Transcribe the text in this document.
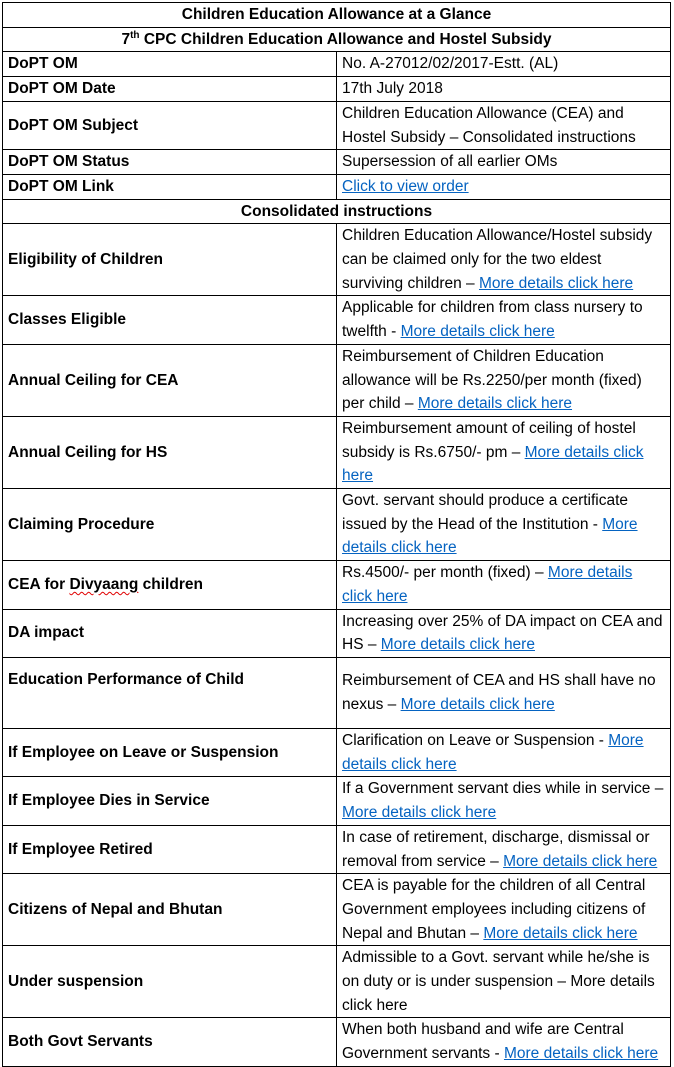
Children Education Allowance at a Glance	
7th CPC Children Education Allowance and Hostel Subsidy	
DoPT OM	No. A-27012/02/2017-Estt. (AL)
DoPT OM Date	17th July 2018
DoPT OM Subject	Children Education Allowance (CEA) and Hostel Subsidy – Consolidated instructions
DoPT OM Status	Supersession of all earlier OMs
DoPT OM Link	Click to view order
Consolidated instructions	
Eligibility of Children	Children Education Allowance/Hostel subsidy can be claimed only for the two eldest surviving children – More details click here
Classes Eligible	Applicable for children from class nursery to twelfth - More details click here
Annual Ceiling for CEA	Reimbursement of Children Education allowance will be Rs.2250/per month (fixed) per child – More details click here
Annual Ceiling for HS	Reimbursement amount of ceiling of hostel subsidy is Rs.6750/- pm – More details click here
Claiming Procedure	Govt. servant should produce a certificate issued by the Head of the Institution - More details click here
CEA for Divyaang children	Rs.4500/- per month (fixed) – More details click here
DA impact	Increasing over 25% of DA impact on CEA and HS – More details click here
Education Performance of Child	Reimbursement of CEA and HS shall have no nexus – More details click here
If Employee on Leave or Suspension	Clarification on Leave or Suspension - More details click here
If Employee Dies in Service	If a Government servant dies while in service – More details click here
If Employee Retired	In case of retirement, discharge, dismissal or removal from service – More details click here
Citizens of Nepal and Bhutan	CEA is payable for the children of all Central Government employees including citizens of Nepal and Bhutan – More details click here
Under suspension	Admissible to a Govt. servant while he/she is on duty or is under suspension – More details click here
Both Govt Servants	When both husband and wife are Central Government servants - More details click here
